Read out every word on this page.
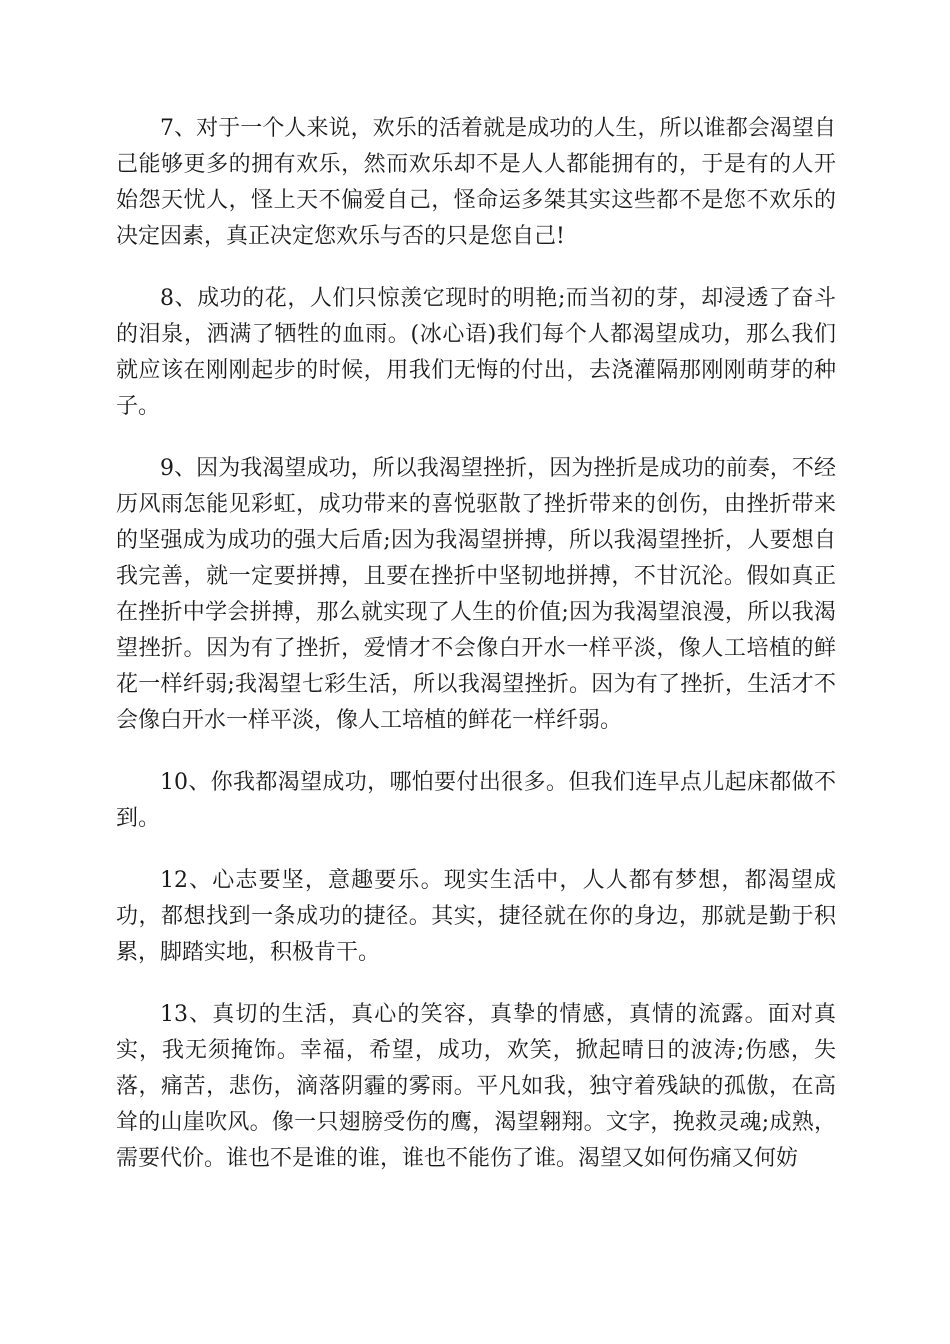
7、对于一个人来说，欢乐的活着就是成功的人生，所以谁都会渴望自己能够更多的拥有欢乐，然而欢乐却不是人人都能拥有的，于是有的人开始怨天忧人，怪上天不偏爱自己，怪命运多桀其实这些都不是您不欢乐的决定因素，真正决定您欢乐与否的只是您自己!

8、成功的花，人们只惊羡它现时的明艳;而当初的芽，却浸透了奋斗的泪泉，洒满了牺牲的血雨。(冰心语)我们每个人都渴望成功，那么我们就应该在刚刚起步的时候，用我们无悔的付出，去浇灌隔那刚刚萌芽的种子。

9、因为我渴望成功，所以我渴望挫折，因为挫折是成功的前奏，不经历风雨怎能见彩虹，成功带来的喜悦驱散了挫折带来的创伤，由挫折带来的坚强成为成功的强大后盾;因为我渴望拼搏，所以我渴望挫折，人要想自我完善，就一定要拼搏，且要在挫折中坚韧地拼搏，不甘沉沦。假如真正在挫折中学会拼搏，那么就实现了人生的价值;因为我渴望浪漫，所以我渴望挫折。因为有了挫折，爱情才不会像白开水一样平淡，像人工培植的鲜花一样纤弱;我渴望七彩生活，所以我渴望挫折。因为有了挫折，生活才不会像白开水一样平淡，像人工培植的鲜花一样纤弱。

10、你我都渴望成功，哪怕要付出很多。但我们连早点儿起床都做不到。

12、心志要坚，意趣要乐。现实生活中，人人都有梦想，都渴望成功，都想找到一条成功的捷径。其实，捷径就在你的身边，那就是勤于积累，脚踏实地，积极肯干。

13、真切的生活，真心的笑容，真挚的情感，真情的流露。面对真实，我无须掩饰。幸福，希望，成功，欢笑，掀起晴日的波涛;伤感，失落，痛苦，悲伤，滴落阴霾的雾雨。平凡如我，独守着残缺的孤傲，在高耸的山崖吹风。像一只翅膀受伤的鹰，渴望翱翔。文字，挽救灵魂;成熟，需要代价。谁也不是谁的谁，谁也不能伤了谁。渴望又如何伤痛又何妨
